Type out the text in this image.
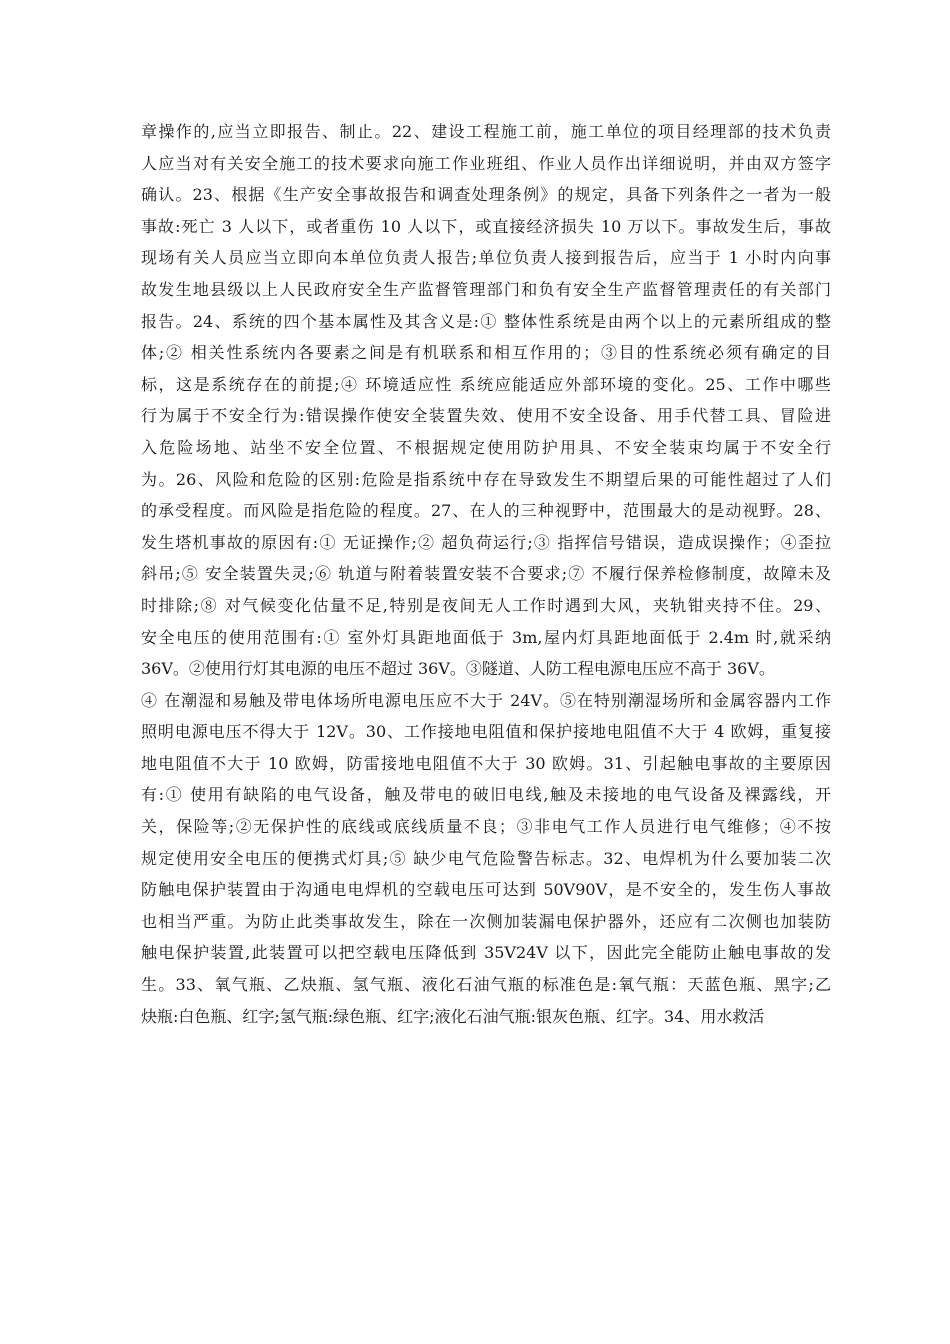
章操作的,应当立即报告、制止。22、建设工程施工前，施工单位的项目经理部的技术负责
人应当对有关安全施工的技术要求向施工作业班组、作业人员作出详细说明，并由双方签字
确认。23、根据《生产安全事故报告和调查处理条例》的规定，具备下列条件之一者为一般
事故:死亡 3 人以下，或者重伤 10 人以下，或直接经济损失 10 万以下。事故发生后，事故
现场有关人员应当立即向本单位负责人报告;单位负责人接到报告后，应当于 1 小时内向事
故发生地县级以上人民政府安全生产监督管理部门和负有安全生产监督管理责任的有关部门
报告。24、系统的四个基本属性及其含义是:① 整体性系统是由两个以上的元素所组成的整
体;② 相关性系统内各要素之间是有机联系和相互作用的；③目的性系统必须有确定的目
标，这是系统存在的前提;④ 环境适应性 系统应能适应外部环境的变化。25、工作中哪些
行为属于不安全行为:错误操作使安全装置失效、使用不安全设备、用手代替工具、冒险进
入危险场地、站坐不安全位置、不根据规定使用防护用具、不安全装束均属于不安全行
为。26、风险和危险的区别:危险是指系统中存在导致发生不期望后果的可能性超过了人们
的承受程度。而风险是指危险的程度。27、在人的三种视野中，范围最大的是动视野。28、
发生塔机事故的原因有:① 无证操作;② 超负荷运行;③ 指挥信号错误，造成误操作；④歪拉
斜吊;⑤ 安全装置失灵;⑥ 轨道与附着装置安装不合要求;⑦ 不履行保养检修制度，故障未及
时排除;⑧ 对气候变化估量不足,特别是夜间无人工作时遇到大风，夹轨钳夹持不住。29、
安全电压的使用范围有:① 室外灯具距地面低于 3m,屋内灯具距地面低于 2.4m 时,就采纳
36V。②使用行灯其电源的电压不超过 36V。③隧道、人防工程电源电压应不高于 36V。
④ 在潮湿和易触及带电体场所电源电压应不大于 24V。⑤在特别潮湿场所和金属容器内工作
照明电源电压不得大于 12V。30、工作接地电阻值和保护接地电阻值不大于 4 欧姆，重复接
地电阻值不大于 10 欧姆，防雷接地电阻值不大于 30 欧姆。31、引起触电事故的主要原因
有:① 使用有缺陷的电气设备，触及带电的破旧电线,触及未接地的电气设备及裸露线，开
关，保险等;②无保护性的底线或底线质量不良；③非电气工作人员进行电气维修；④不按
规定使用安全电压的便携式灯具;⑤ 缺少电气危险警告标志。32、电焊机为什么要加装二次
防触电保护装置由于沟通电电焊机的空载电压可达到 50V90V，是不安全的，发生伤人事故
也相当严重。为防止此类事故发生，除在一次侧加装漏电保护器外，还应有二次侧也加装防
触电保护装置,此装置可以把空载电压降低到 35V24V 以下，因此完全能防止触电事故的发
生。33、氧气瓶、乙炔瓶、氢气瓶、液化石油气瓶的标准色是:氧气瓶：天蓝色瓶、黑字;乙
炔瓶:白色瓶、红字;氢气瓶:绿色瓶、红字;液化石油气瓶:银灰色瓶、红字。34、用水救活
